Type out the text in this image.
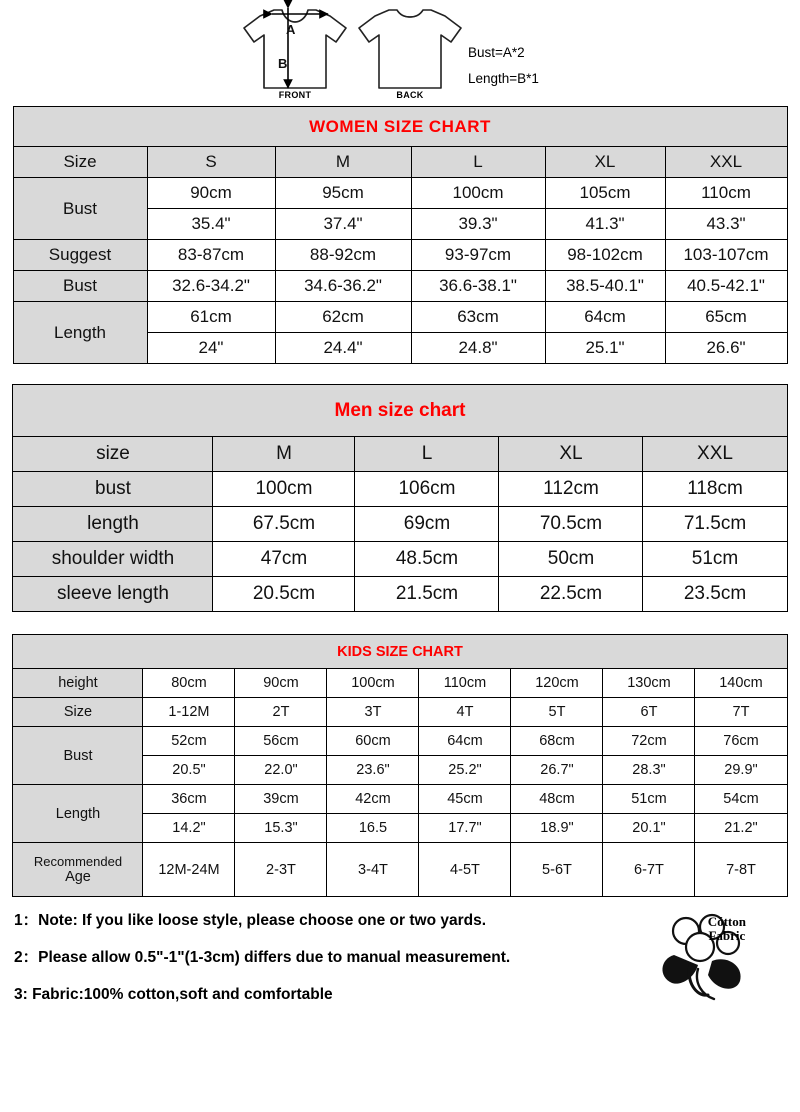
A
B
FRONT	BACK
Bust=A*2
Length=B*1
WOMEN SIZE CHART					
Size	S	M	L	XL	XXL
Bust	90cm	95cm	100cm	105cm	110cm
	35.4"	37.4"	39.3"	41.3"	43.3"
Suggest	83-87cm	88-92cm	93-97cm	98-102cm	103-107cm
Bust	32.6-34.2"	34.6-36.2"	36.6-38.1"	38.5-40.1"	40.5-42.1"
Length	61cm	62cm	63cm	64cm	65cm
	24"	24.4"	24.8"	25.1"	26.6"
Men size chart				
size	M	L	XL	XXL
bust	100cm	106cm	112cm	118cm
length	67.5cm	69cm	70.5cm	71.5cm
shoulder width	47cm	48.5cm	50cm	51cm
sleeve length	20.5cm	21.5cm	22.5cm	23.5cm
KIDS SIZE CHART							
height	80cm	90cm	100cm	110cm	120cm	130cm	140cm
Size	1-12M	2T	3T	4T	5T	6T	7T
Bust	52cm	56cm	60cm	64cm	68cm	72cm	76cm
	20.5"	22.0"	23.6"	25.2"	26.7"	28.3"	29.9"
Length	36cm	39cm	42cm	45cm	48cm	51cm	54cm
	14.2"	15.3"	16.5	17.7"	18.9"	20.1"	21.2"

Recommended
Age	12M-24M	2-3T	3-4T	4-5T	5-6T	6-7T	7-8T
1：Note: If you like loose style, please choose one or two yards.
2：Please allow 0.5"-1"(1-3cm) differs due to manual measurement.
3: Fabric:100% cotton,soft and comfortable
Cótton
Fabric
